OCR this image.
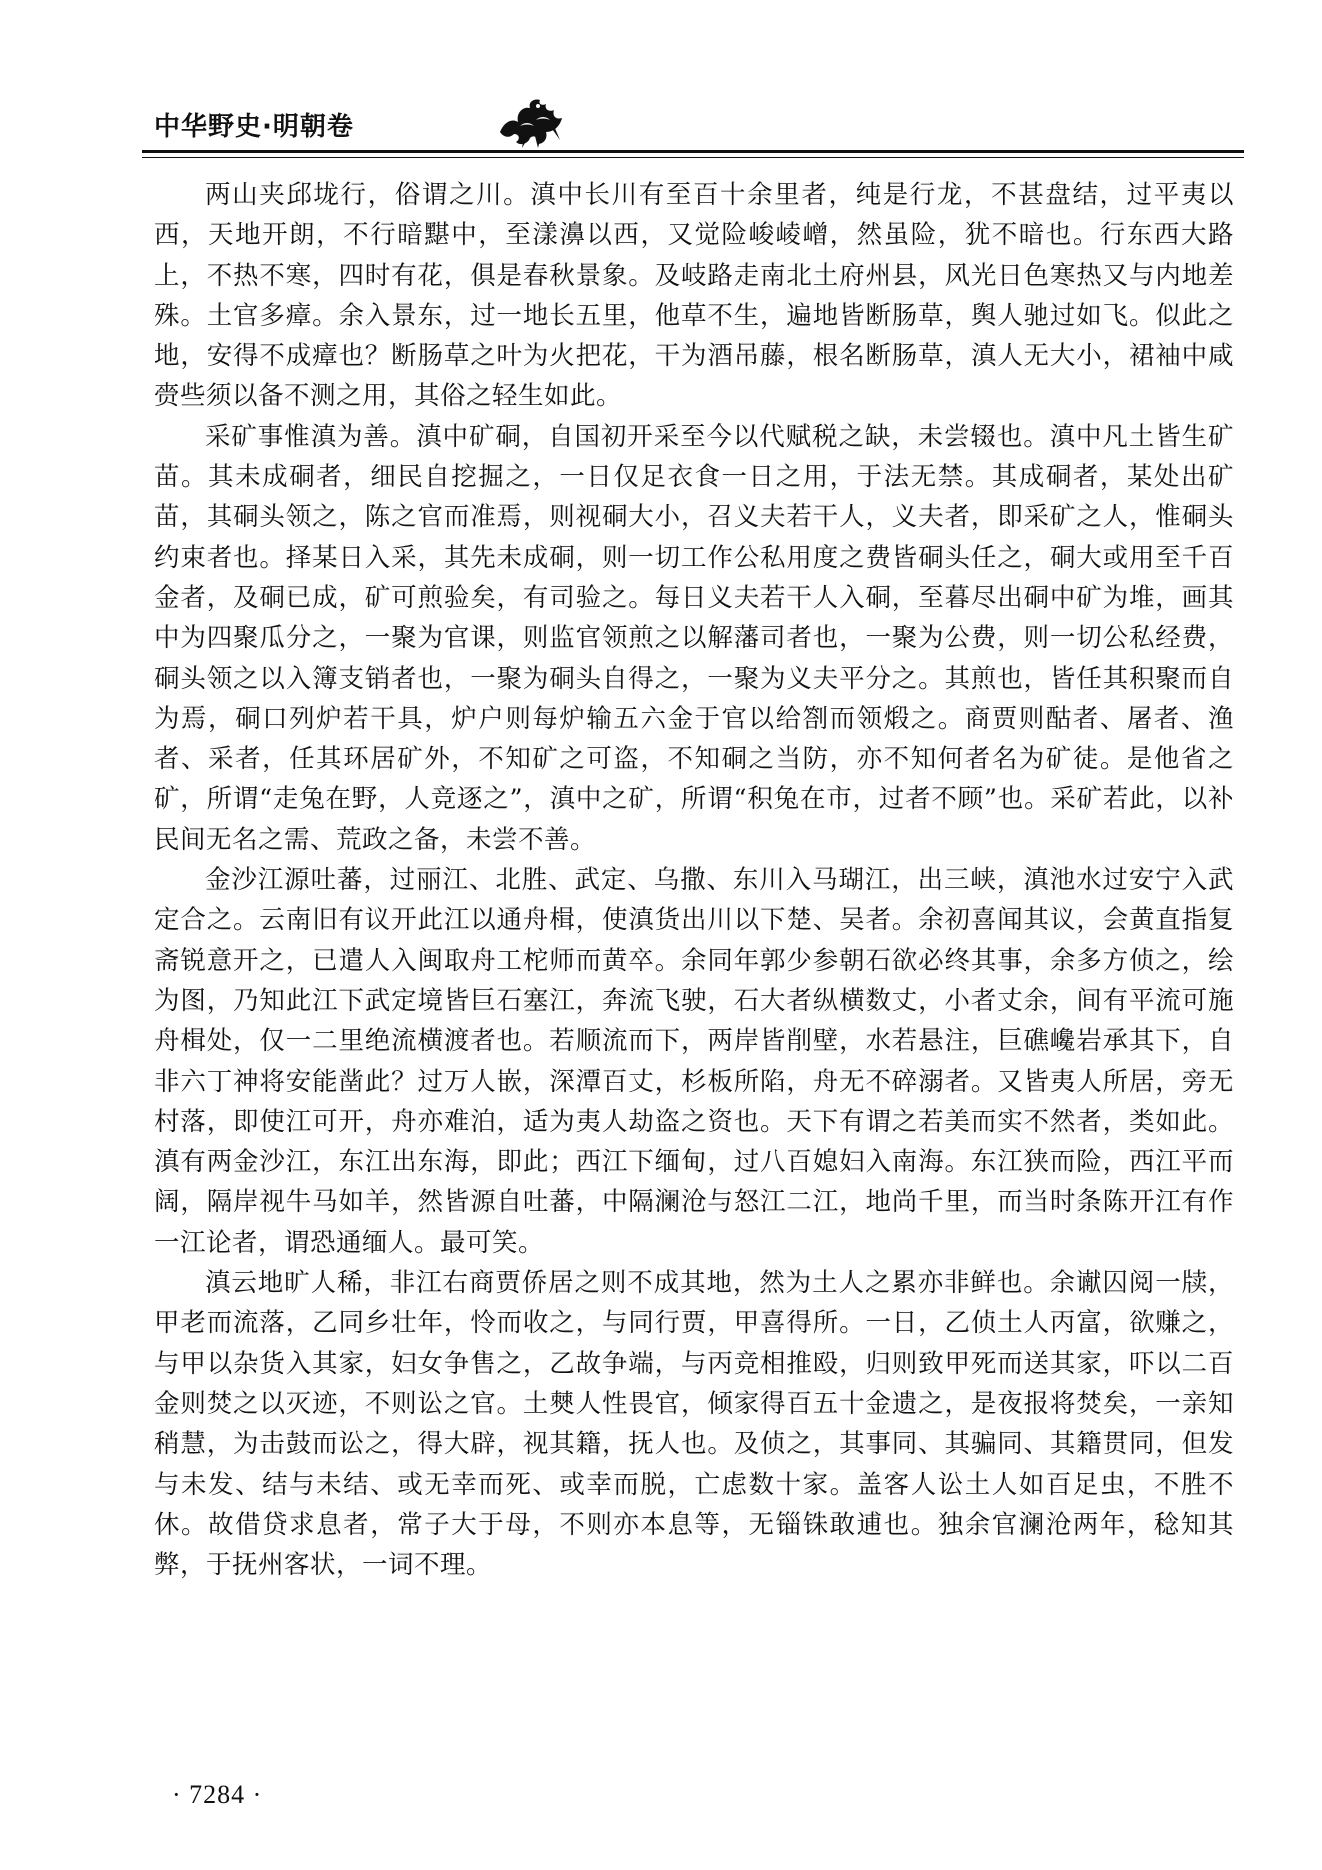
中华野史·明朝卷

两山夹邱垅行，俗谓之川。滇中长川有至百十余里者，纯是行龙，不甚盘结，过平夷以西，天地开朗，不行暗黮中，至漾濞以西，又觉险峻崚嶒，然虽险，犹不暗也。行东西大路上，不热不寒，四时有花，俱是春秋景象。及岐路走南北土府州县，风光日色寒热又与内地差殊。土官多瘴。余入景东，过一地长五里，他草不生，遍地皆断肠草，舆人驰过如飞。似此之地，安得不成瘴也？断肠草之叶为火把花，干为酒吊藤，根名断肠草，滇人无大小，裙袖中咸赍些须以备不测之用，其俗之轻生如此。

采矿事惟滇为善。滇中矿硐，自国初开采至今以代赋税之缺，未尝辍也。滇中凡土皆生矿苗。其未成硐者，细民自挖掘之，一日仅足衣食一日之用，于法无禁。其成硐者，某处出矿苗，其硐头领之，陈之官而准焉，则视硐大小，召义夫若干人，义夫者，即采矿之人，惟硐头约束者也。择某日入采，其先未成硐，则一切工作公私用度之费皆硐头任之，硐大或用至千百金者，及硐已成，矿可煎验矣，有司验之。每日义夫若干人入硐，至暮尽出硐中矿为堆，画其中为四聚瓜分之，一聚为官课，则监官领煎之以解藩司者也，一聚为公费，则一切公私经费，硐头领之以入簿支销者也，一聚为硐头自得之，一聚为义夫平分之。其煎也，皆任其积聚而自为焉，硐口列炉若干具，炉户则每炉输五六金于官以给劄而领煅之。商贾则酤者、屠者、渔者、采者，任其环居矿外，不知矿之可盗，不知硐之当防，亦不知何者名为矿徒。是他省之矿，所谓“走兔在野，人竞逐之”，滇中之矿，所谓“积兔在市，过者不顾”也。采矿若此，以补民间无名之需、荒政之备，未尝不善。

金沙江源吐蕃，过丽江、北胜、武定、乌撒、东川入马瑚江，出三峡，滇池水过安宁入武定合之。云南旧有议开此江以通舟楫，使滇货出川以下楚、吴者。余初喜闻其议，会黄直指复斋锐意开之，已遣人入闽取舟工柁师而黄卒。余同年郭少参朝石欲必终其事，余多方侦之，绘为图，乃知此江下武定境皆巨石塞江，奔流飞驶，石大者纵横数丈，小者丈余，间有平流可施舟楫处，仅一二里绝流横渡者也。若顺流而下，两岸皆削壁，水若悬注，巨礁巉岩承其下，自非六丁神将安能凿此？过万人嵌，深潭百丈，杉板所陷，舟无不碎溺者。又皆夷人所居，旁无村落，即使江可开，舟亦难泊，适为夷人劫盗之资也。天下有谓之若美而实不然者，类如此。滇有两金沙江，东江出东海，即此；西江下缅甸，过八百媳妇入南海。东江狭而险，西江平而阔，隔岸视牛马如羊，然皆源自吐蕃，中隔澜沧与怒江二江，地尚千里，而当时条陈开江有作一江论者，谓恐通缅人。最可笑。

滇云地旷人稀，非江右商贾侨居之则不成其地，然为土人之累亦非鲜也。余谳囚阅一牍，甲老而流落，乙同乡壮年，怜而收之，与同行贾，甲喜得所。一日，乙侦土人丙富，欲赚之，与甲以杂货入其家，妇女争售之，乙故争端，与丙竞相推殴，归则致甲死而送其家，吓以二百金则焚之以灭迹，不则讼之官。土僰人性畏官，倾家得百五十金遗之，是夜报将焚矣，一亲知稍慧，为击鼓而讼之，得大辟，视其籍，抚人也。及侦之，其事同、其骗同、其籍贯同，但发与未发、结与未结、或无幸而死、或幸而脱，亡虑数十家。盖客人讼土人如百足虫，不胜不休。故借贷求息者，常子大于母，不则亦本息等，无锱铢敢逋也。独余官澜沧两年，稔知其弊，于抚州客状，一词不理。

· 7284 ·
